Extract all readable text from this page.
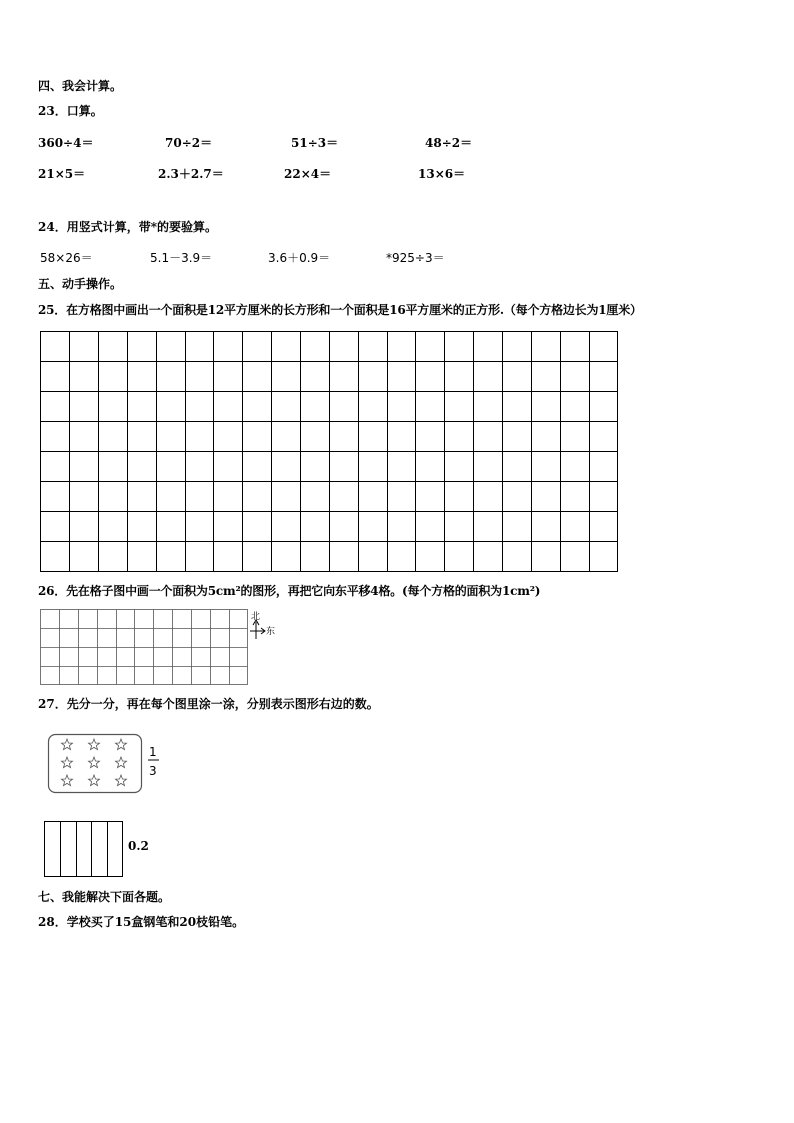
四、我会计算。
23．口算。
360÷4＝	70÷2＝	51÷3＝	48÷2＝
21×5＝	2.3＋2.7＝	22×4＝	13×6＝
24．用竖式计算，带*的要验算。
58×26＝	5.1－3.9＝	3.6＋0.9＝	*925÷3＝
五、动手操作。
25．在方格图中画出一个面积是12平方厘米的长方形和一个面积是16平方厘米的正方形.（每个方格边长为1厘米）
26．先在格子图中画一个面积为5cm²的图形，再把它向东平移4格。(每个方格的面积为1cm²)
北
东
27．先分一分，再在每个图里涂一涂，分别表示图形右边的数。
1
3
0.2
七、我能解决下面各题。
28．学校买了15盒钢笔和20枝铅笔。
